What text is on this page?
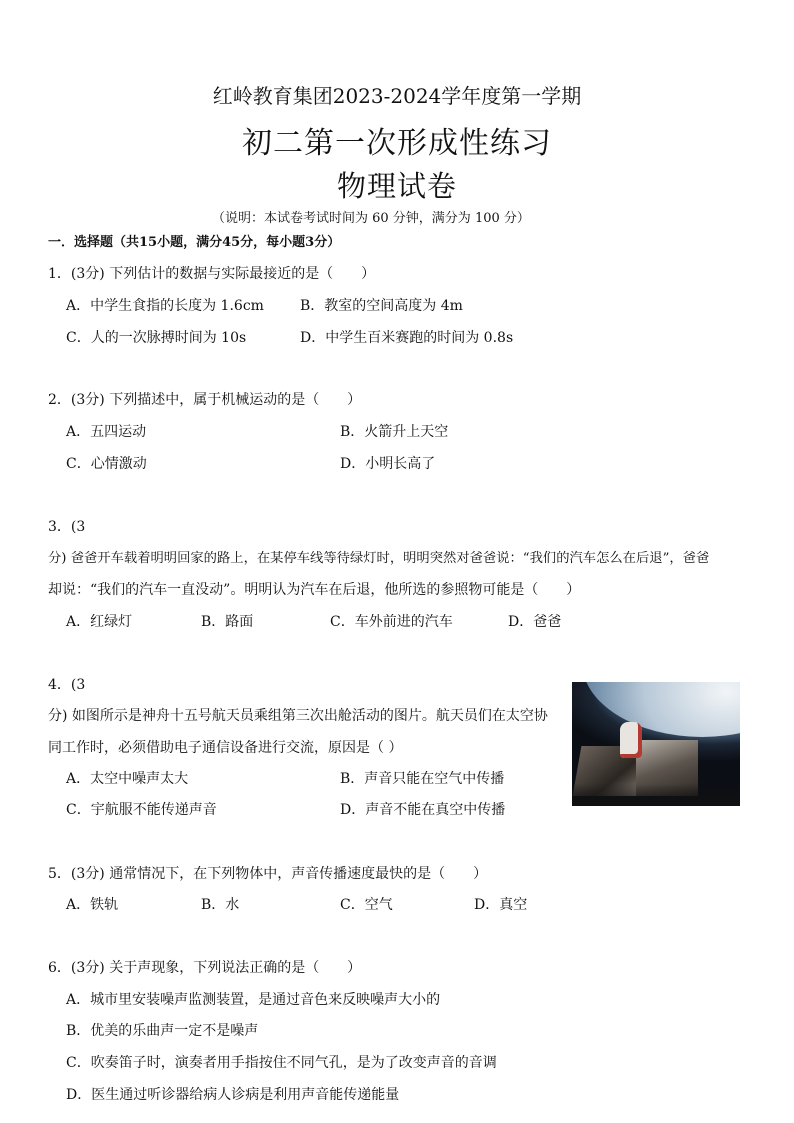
红岭教育集团2023-2024学年度第一学期
初二第一次形成性练习
物理试卷
（说明：本试卷考试时间为 60 分钟，满分为 100 分）
一．选择题（共15小题，满分45分，每小题3分）
1．(3分) 下列估计的数据与实际最接近的是（　　）
A．中学生食指的长度为 1.6cm	B．教室的空间高度为 4m
C．人的一次脉搏时间为 10s	D．中学生百米赛跑的时间为 0.8s
2．(3分) 下列描述中，属于机械运动的是（　　）
A．五四运动	B．火箭升上天空
C．心情激动	D．小明长高了
3．(3
分) 爸爸开车载着明明回家的路上，在某停车线等待绿灯时，明明突然对爸爸说：“我们的汽车怎么在后退”，爸爸
却说：“我们的汽车一直没动”。明明认为汽车在后退，他所选的参照物可能是（　　）
A．红绿灯	B．路面	C．车外前进的汽车	D．爸爸
4．(3
分) 如图所示是神舟十五号航天员乘组第三次出舱活动的图片。航天员们在太空协
同工作时，必须借助电子通信设备进行交流，原因是（ ）
A．太空中噪声太大	B．声音只能在空气中传播
C．宇航服不能传递声音	D．声音不能在真空中传播
5．(3分) 通常情况下，在下列物体中，声音传播速度最快的是（　　）
A．铁轨	B．水	C．空气	D．真空
6．(3分) 关于声现象，下列说法正确的是（　　）
A．城市里安装噪声监测装置，是通过音色来反映噪声大小的
B．优美的乐曲声一定不是噪声
C．吹奏笛子时，演奏者用手指按住不同气孔，是为了改变声音的音调
D．医生通过听诊器给病人诊病是利用声音能传递能量
